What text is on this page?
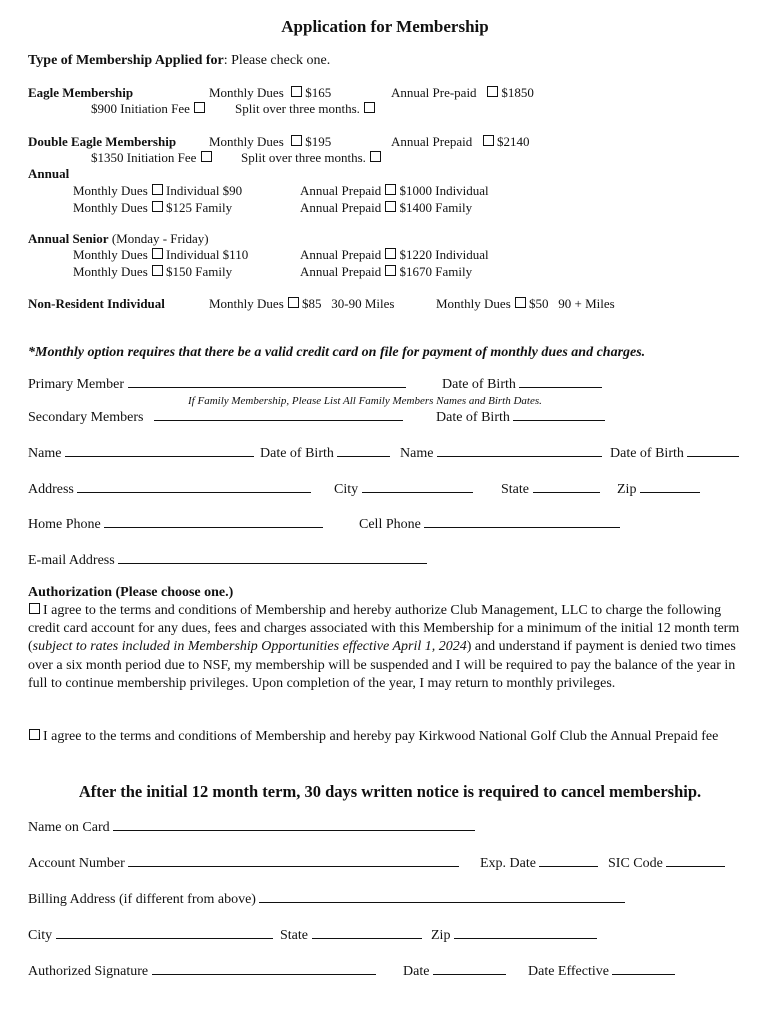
Application for Membership
Type of Membership Applied for: Please check one.
Eagle Membership	Monthly Dues $165	Annual Pre-paid $1850
$900 Initiation Fee	Split over three months.
Double Eagle Membership	Monthly Dues $195	Annual Prepaid $2140
$1350 Initiation Fee	Split over three months.
Annual
Monthly Dues Individual $90	Annual Prepaid $1000 Individual
Monthly Dues $125 Family	Annual Prepaid $1400 Family
Annual Senior (Monday - Friday)
Monthly Dues Individual $110	Annual Prepaid $1220 Individual
Monthly Dues $150 Family	Annual Prepaid $1670 Family
Non-Resident Individual	Monthly Dues $85   30-90 Miles	Monthly Dues $50   90 + Miles
*Monthly option requires that there be a valid credit card on file for payment of monthly dues and charges.
Primary Member	Date of Birth
If Family Membership, Please List All Family Members Names and Birth Dates.
Secondary Members	Date of Birth
Name	Date of Birth	Name	Date of Birth
Address	City	State	Zip
Home Phone	Cell Phone
E-mail Address
Authorization (Please choose one.)
I agree to the terms and conditions of Membership and hereby authorize Club Management, LLC to charge the following credit card account for any dues, fees and charges associated with this Membership for a minimum of the initial 12 month term (subject to rates included in Membership Opportunities effective April 1, 2024) and understand if payment is denied two times over a six month period due to NSF, my membership will be suspended and I will be required to pay the balance of the year in full to continue membership privileges. Upon completion of the year, I may return to monthly privileges.
I agree to the terms and conditions of Membership and hereby pay Kirkwood National Golf Club the Annual Prepaid fee
After the initial 12 month term, 30 days written notice is required to cancel membership.
Name on Card
Account Number	Exp. Date	SIC Code
Billing Address (if different from above)
City	State	Zip
Authorized Signature	Date	Date Effective
